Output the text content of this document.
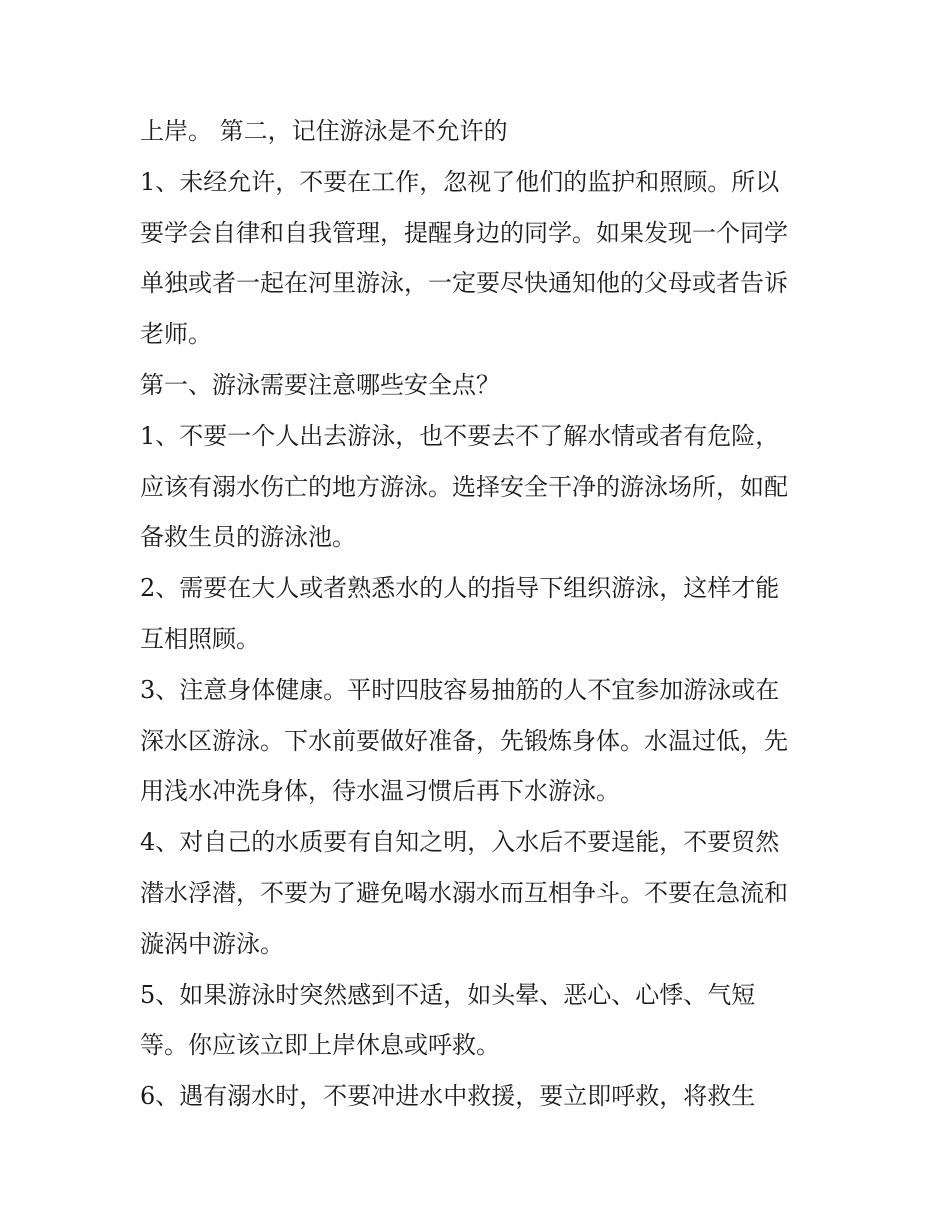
上岸。 第二，记住游泳是不允许的

1、未经允许，不要在工作，忽视了他们的监护和照顾。所以

要学会自律和自我管理，提醒身边的同学。如果发现一个同学

单独或者一起在河里游泳，一定要尽快通知他的父母或者告诉

老师。

第一、游泳需要注意哪些安全点？

1、不要一个人出去游泳，也不要去不了解水情或者有危险，

应该有溺水伤亡的地方游泳。选择安全干净的游泳场所，如配

备救生员的游泳池。

2、需要在大人或者熟悉水的人的指导下组织游泳，这样才能

互相照顾。

3、注意身体健康。平时四肢容易抽筋的人不宜参加游泳或在

深水区游泳。下水前要做好准备，先锻炼身体。水温过低，先

用浅水冲洗身体，待水温习惯后再下水游泳。

4、对自己的水质要有自知之明，入水后不要逞能，不要贸然

潜水浮潜，不要为了避免喝水溺水而互相争斗。不要在急流和

漩涡中游泳。

5、如果游泳时突然感到不适，如头晕、恶心、心悸、气短

等。你应该立即上岸休息或呼救。

6、遇有溺水时，不要冲进水中救援，要立即呼救，将救生
